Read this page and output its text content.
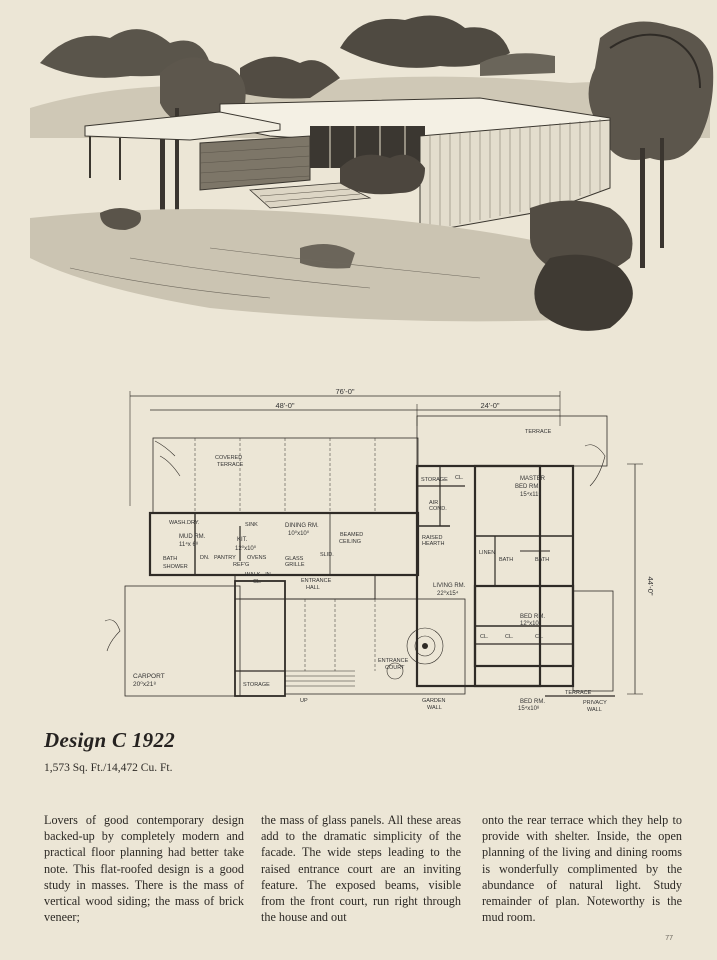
76'-0"
48'-0"	24'-0"
44'-0"
COVERED
TERRACE
TERRACE
STORAGE CL.
AIR
COND.
MASTER
BED RM.
15⁴x11⁶
WASH. DRY.
MUD RM.
11⁴x 6⁸
KIT.
12⁰x10⁰
SINK	DINING RM.
10⁰x10⁰	BEAMED
CEILING
RAISED
HEARTH
GLASS
GRILLE
SLID.
ENTRANCE
HALL
PANTRY OVENS
REF'G
DN.
BATH
SHOWER
WALK - IN
CL.
LIVING RM.
22⁰x15⁴
LINEN
BATH	BATH
BED RM.
12⁰x10⁰
CL.	CL.	CL.
ENTRANCE
COURT
CARPORT
20⁰x21⁸	STORAGE
UP	GARDEN
WALL
TERRACE
BED RM.
15⁴x10⁸
PRIVACY
WALL
Design C 1922
1,573 Sq. Ft./14,472 Cu. Ft.
Lovers of good contemporary design backed-up by completely modern and practical floor planning had better take note. This flat-roofed design is a good study in masses. There is the mass of vertical wood siding; the mass of brick veneer;
the mass of glass panels. All these areas add to the dramatic simplicity of the facade. The wide steps leading to the raised entrance court are an inviting feature. The exposed beams, visible from the front court, run right through the house and out
onto the rear terrace which they help to provide with shelter. Inside, the open planning of the living and dining rooms is wonderfully complimented by the abundance of natural light. Study remainder of plan. Noteworthy is the mud room.
77
